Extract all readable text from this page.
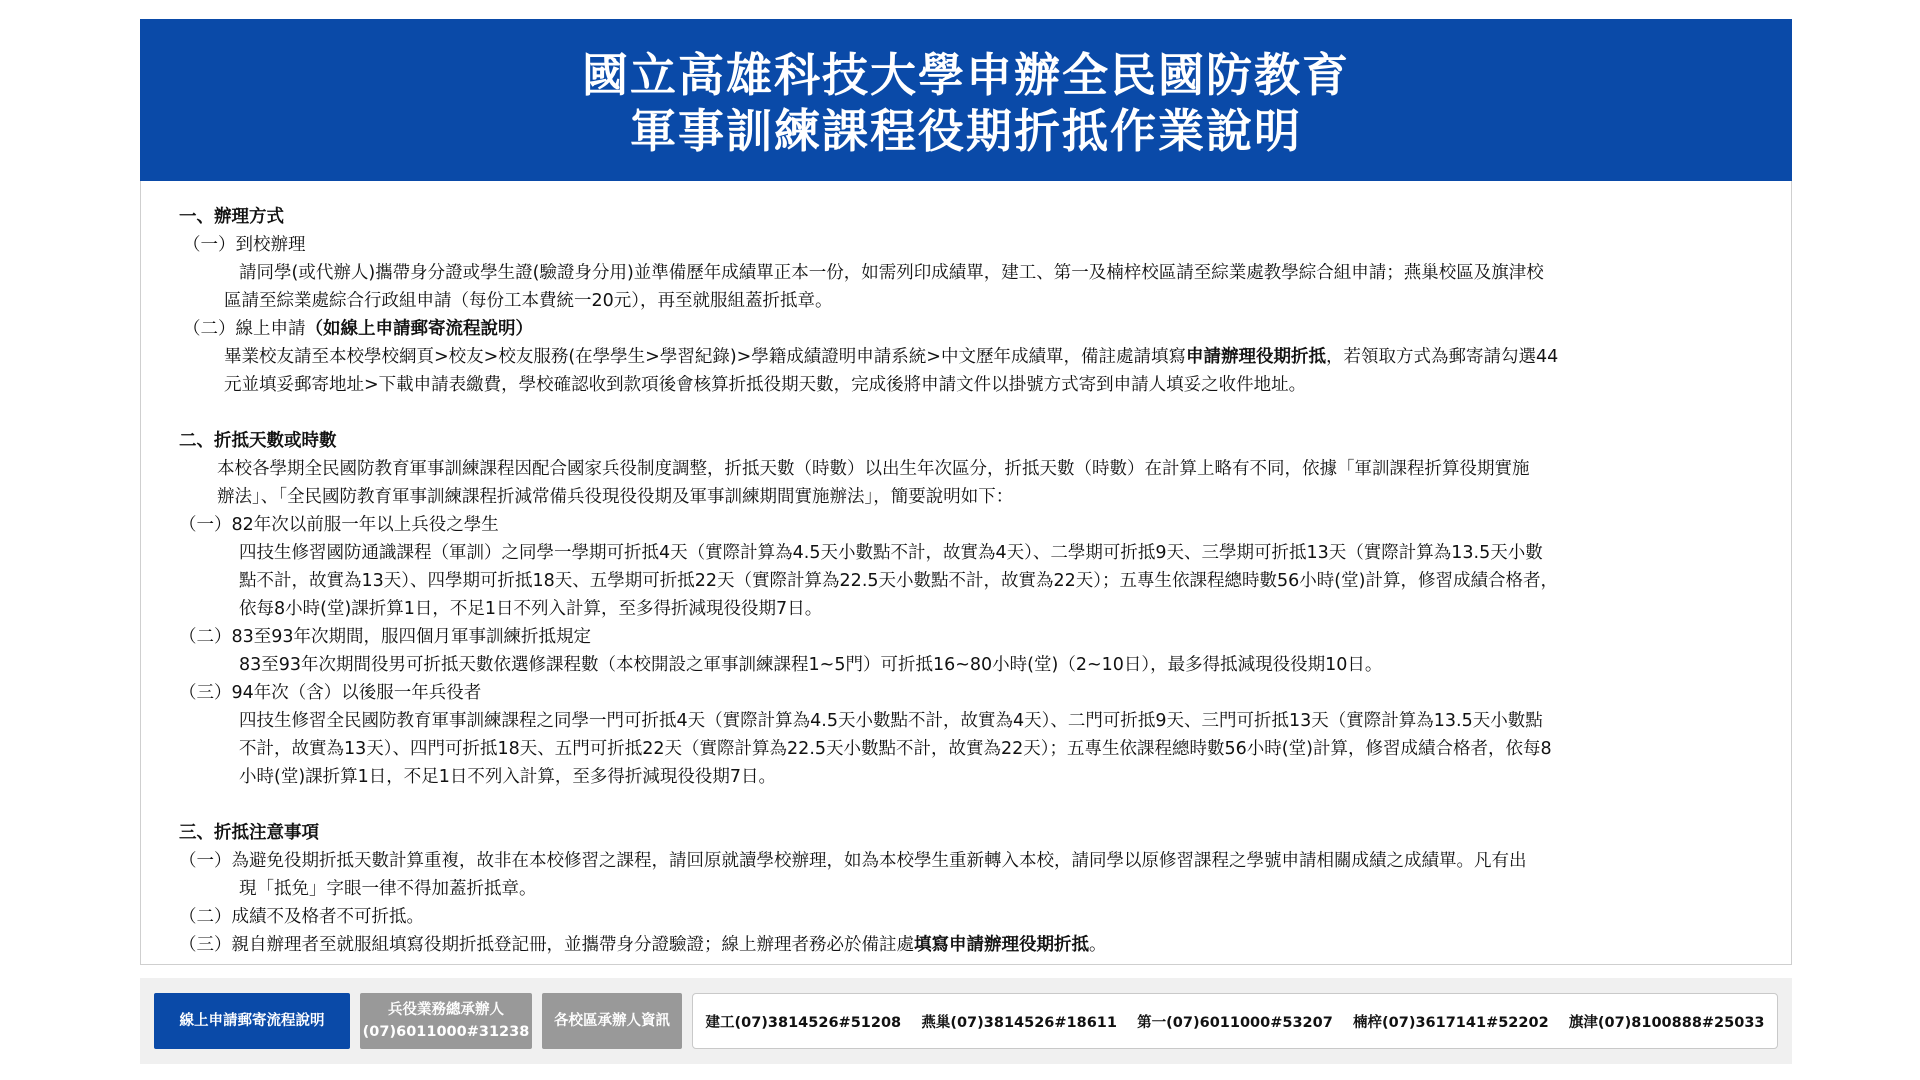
國立高雄科技大學申辦全民國防教育
軍事訓練課程役期折抵作業說明
一、辦理方式
（一）到校辦理
請同學(或代辦人)攜帶身分證或學生證(驗證身分用)並準備歷年成績單正本一份，如需列印成績單，建工、第一及楠梓校區請至綜業處教學綜合組申請；燕巢校區及旗津校
區請至綜業處綜合行政組申請（每份工本費統一20元），再至就服組蓋折抵章。
（二）線上申請（如線上申請郵寄流程說明）
畢業校友請至本校學校網頁>校友>校友服務(在學學生>學習紀錄)>學籍成績證明申請系統>中文歷年成績單，備註處請填寫申請辦理役期折抵，若領取方式為郵寄請勾選44
元並填妥郵寄地址>下載申請表繳費，學校確認收到款項後會核算折抵役期天數，完成後將申請文件以掛號方式寄到申請人填妥之收件地址。
二、折抵天數或時數
本校各學期全民國防教育軍事訓練課程因配合國家兵役制度調整，折抵天數（時數）以出生年次區分，折抵天數（時數）在計算上略有不同，依據「軍訓課程折算役期實施
辦法」、「全民國防教育軍事訓練課程折減常備兵役現役役期及軍事訓練期間實施辦法」，簡要說明如下：
（一）82年次以前服一年以上兵役之學生
四技生修習國防通識課程（軍訓）之同學一學期可折抵4天（實際計算為4.5天小數點不計，故實為4天）、二學期可折抵9天、三學期可折抵13天（實際計算為13.5天小數
點不計，故實為13天）、四學期可折抵18天、五學期可折抵22天（實際計算為22.5天小數點不計，故實為22天）；五專生依課程總時數56小時(堂)計算，修習成績合格者，
依每8小時(堂)課折算1日，不足1日不列入計算，至多得折減現役役期7日。
（二）83至93年次期間，服四個月軍事訓練折抵規定
83至93年次期間役男可折抵天數依選修課程數（本校開設之軍事訓練課程1~5門）可折抵16~80小時(堂)（2~10日），最多得抵減現役役期10日。
（三）94年次（含）以後服一年兵役者
四技生修習全民國防教育軍事訓練課程之同學一門可折抵4天（實際計算為4.5天小數點不計，故實為4天）、二門可折抵9天、三門可折抵13天（實際計算為13.5天小數點
不計，故實為13天）、四門可折抵18天、五門可折抵22天（實際計算為22.5天小數點不計，故實為22天）；五專生依課程總時數56小時(堂)計算，修習成績合格者，依每8
小時(堂)課折算1日，不足1日不列入計算，至多得折減現役役期7日。
三、折抵注意事項
（一）為避免役期折抵天數計算重複，故非在本校修習之課程，請回原就讀學校辦理，如為本校學生重新轉入本校，請同學以原修習課程之學號申請相關成績之成績單。凡有出
現「抵免」字眼一律不得加蓋折抵章。
（二）成績不及格者不可折抵。
（三）親自辦理者至就服組填寫役期折抵登記冊，並攜帶身分證驗證；線上辦理者務必於備註處填寫申請辦理役期折抵。
線上申請郵寄流程說明
兵役業務總承辦人
(07)6011000#31238
各校區承辦人資訊	建工(07)3814526#51208    燕巢(07)3814526#18611    第一(07)6011000#53207    楠梓(07)3617141#52202    旗津(07)8100888#25033
